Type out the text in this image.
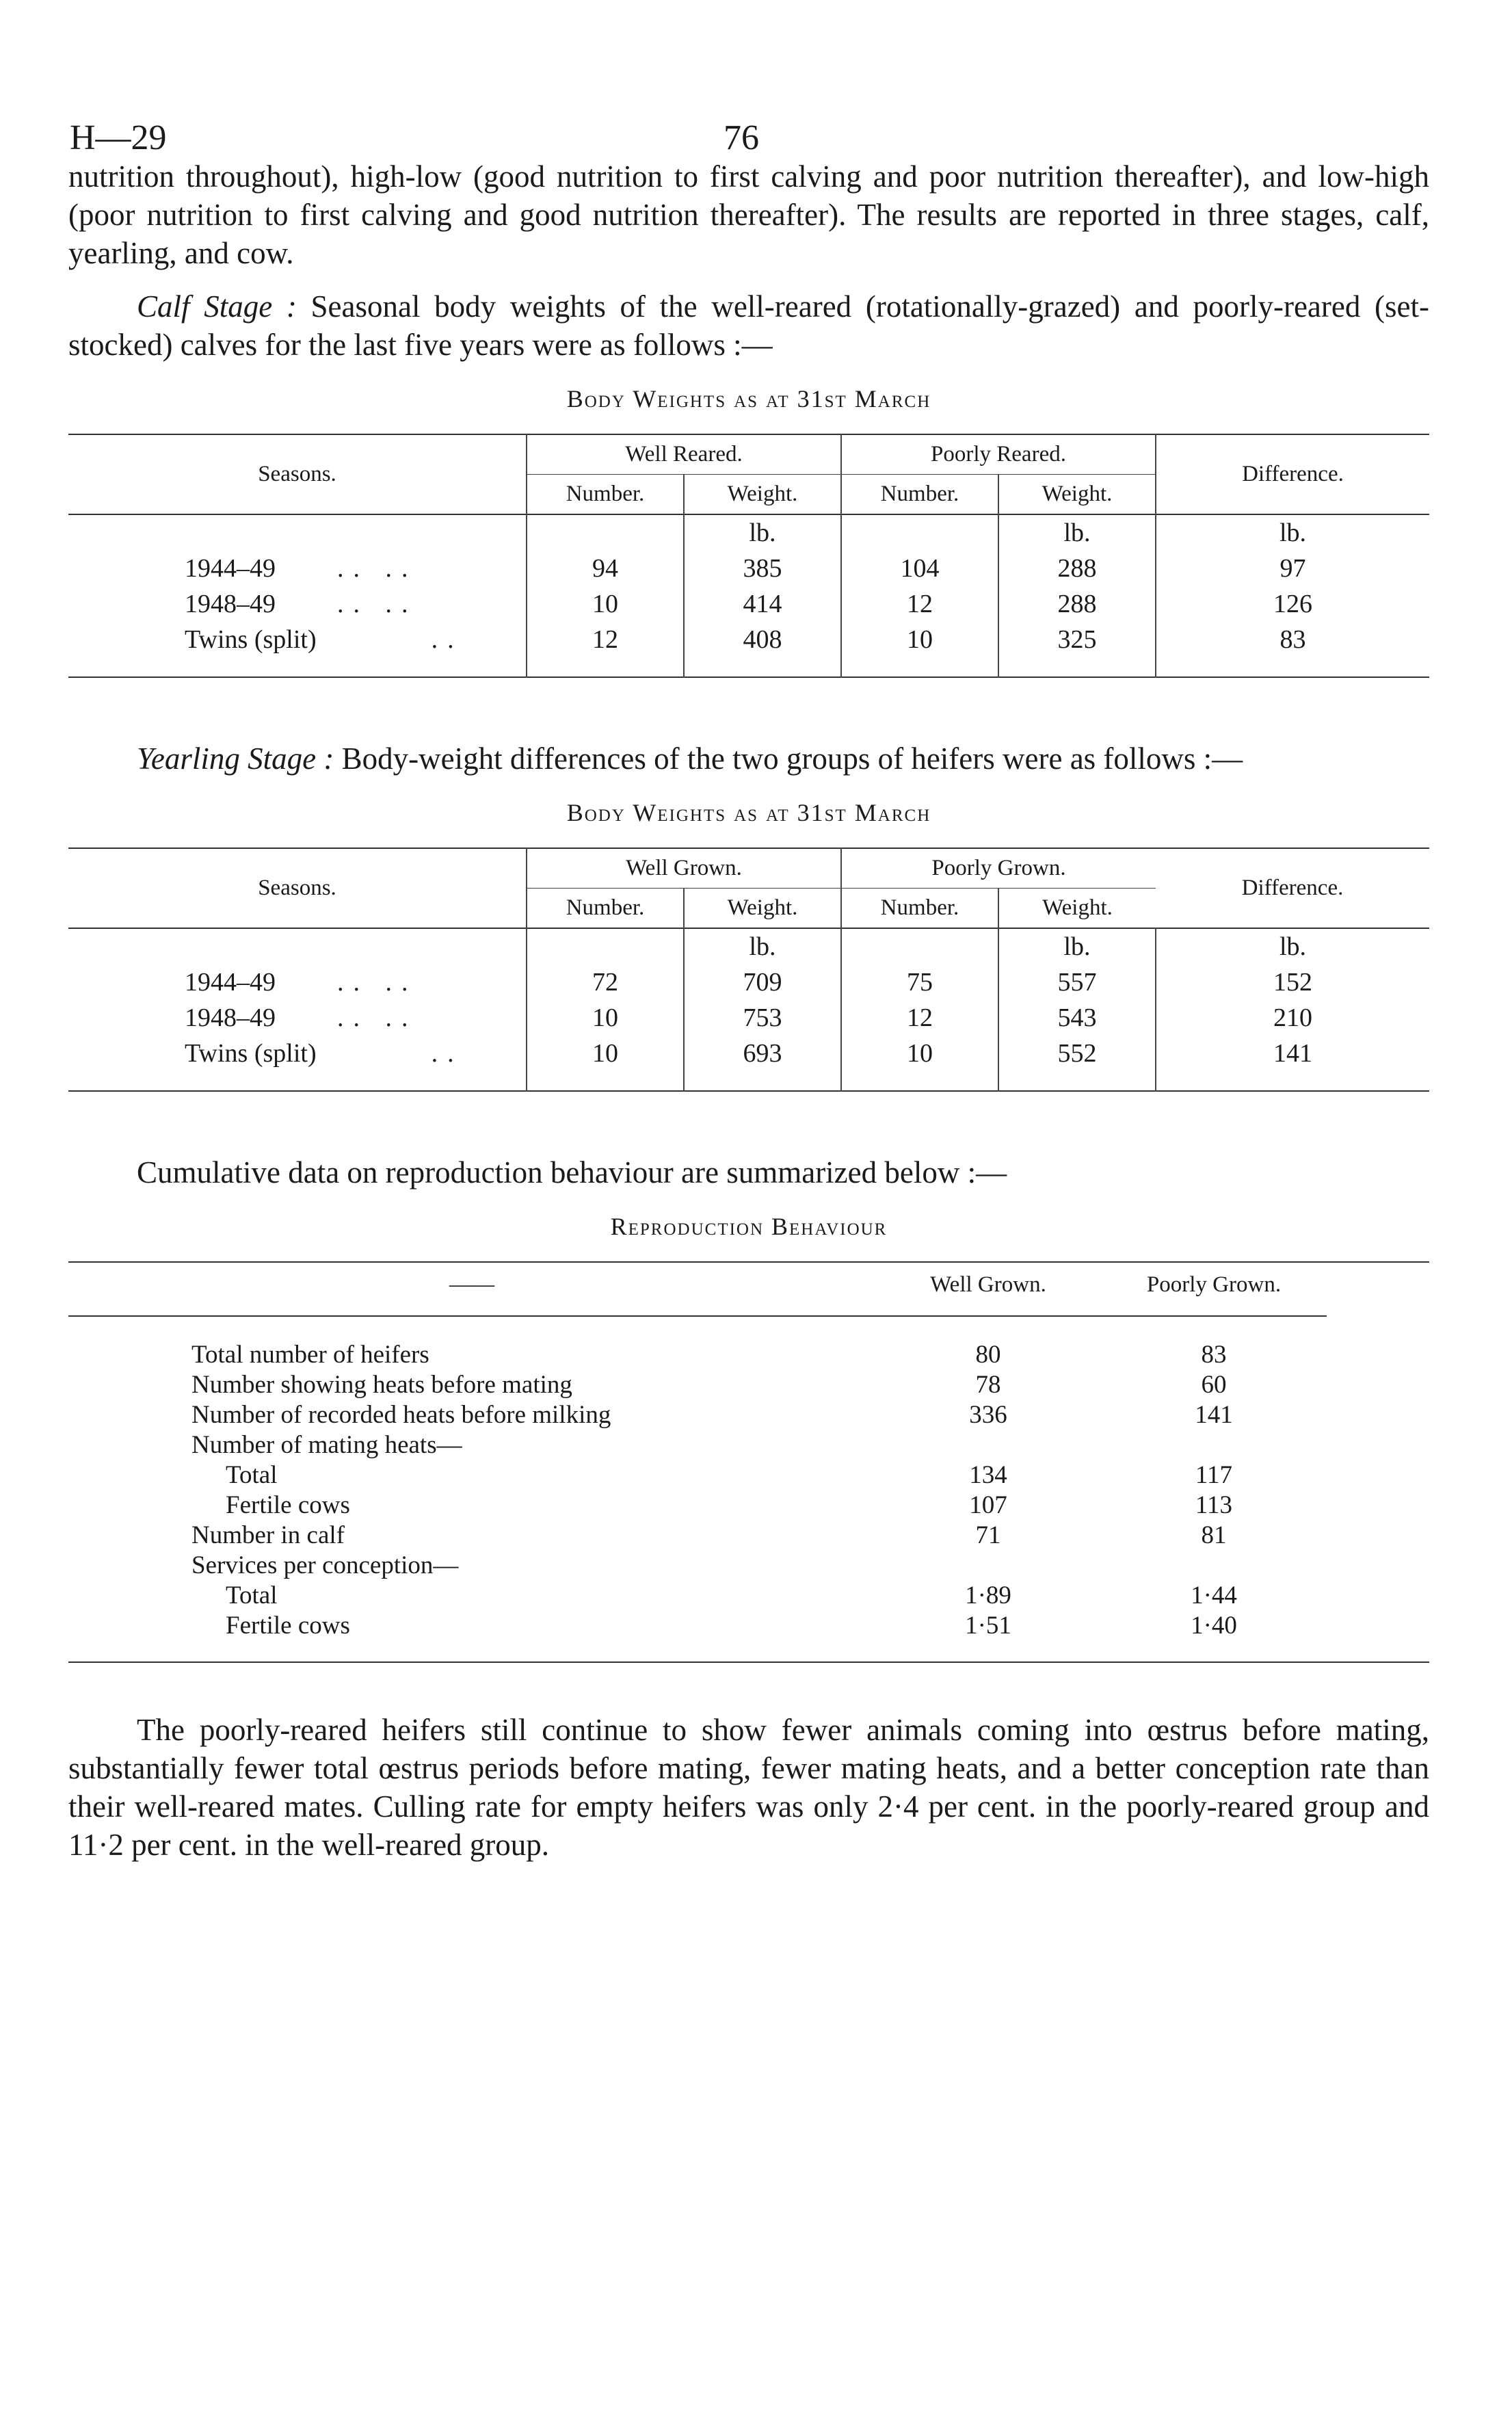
H—29	76

nutrition throughout), high-low (good nutrition to first calving and poor nutrition thereafter), and low-high (poor nutrition to first calving and good nutrition thereafter). The results are reported in three stages, calf, yearling, and cow.

Calf Stage : Seasonal body weights of the well-reared (rotationally-grazed) and poorly-reared (set-stocked) calves for the last five years were as follows :—

Body Weights as at 31st March
Seasons.	Well Reared.		Poorly Reared.		Difference.
	Number.	Weight.	Number.	Weight.	
		lb.		lb.	lb.
1944–49 .. ..	94	385	104	288	97
1948–49 .. ..	10	414	12	288	126
Twins (split) ..	12	408	10	325	83

Yearling Stage : Body-weight differences of the two groups of heifers were as follows :—

Body Weights as at 31st March
Seasons.	Well Grown.		Poorly Grown.		Difference.
	Number.	Weight.	Number.	Weight.	
		lb.		lb.	lb.
1944–49 .. ..	72	709	75	557	152
1948–49 .. ..	10	753	12	543	210
Twins (split) ..	10	693	10	552	141

Cumulative data on reproduction behaviour are summarized below :—

Reproduction Behaviour
——	Well Grown.	Poorly Grown.	

Total number of heifers	80	83	
Number showing heats before mating	78	60	
Number of recorded heats before milking	336	141	
Number of mating heats—			
Total	134	117	
Fertile cows	107	113	
Number in calf	71	81	
Services per conception—			
Total	1·89	1·44	
Fertile cows	1·51	1·40	

The poorly-reared heifers still continue to show fewer animals coming into œstrus before mating, substantially fewer total œstrus periods before mating, fewer mating heats, and a better conception rate than their well-reared mates. Culling rate for empty heifers was only 2·4 per cent. in the poorly-reared group and 11·2 per cent. in the well-reared group.
